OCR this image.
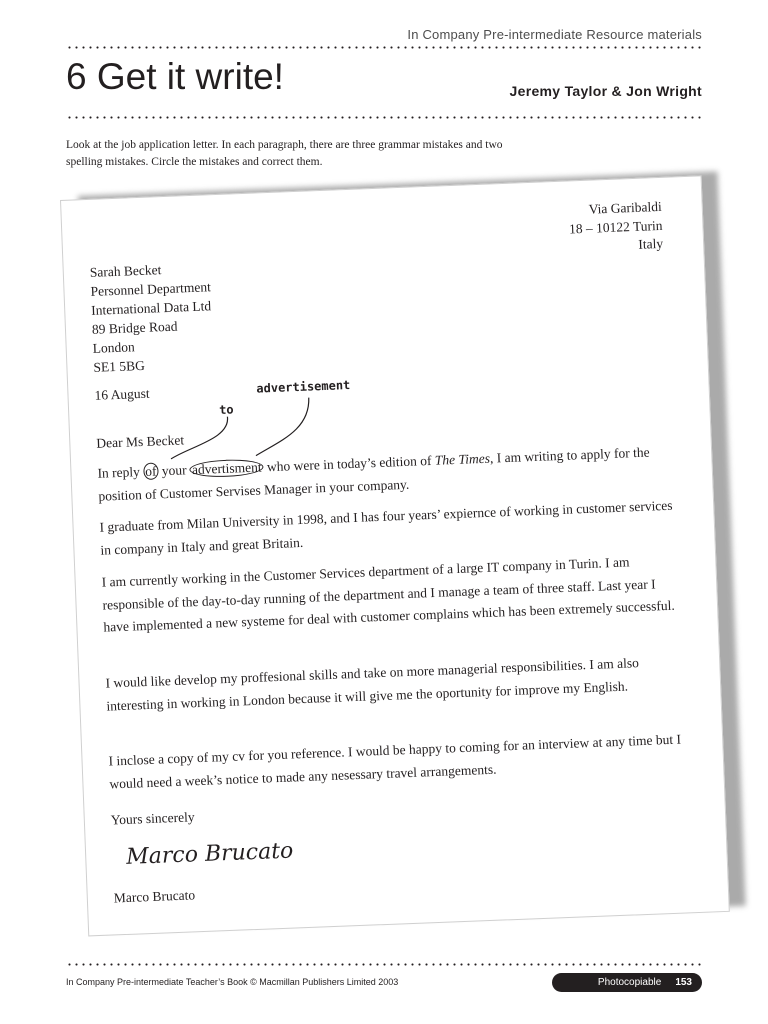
In Company Pre-intermediate Resource materials
6 Get it write!	Jeremy Taylor & Jon Wright
Look at the job application letter. In each paragraph, there are three grammar mistakes and two spelling mistakes. Circle the mistakes and correct them.
Via Garibaldi
18 – 10122 Turin
Italy
Sarah Becket
Personnel Department
International Data Ltd
89 Bridge Road
London
SE1 5BG
16 August
to
advertisement
Dear Ms Becket
In reply of your advertisment who were in today’s edition of The Times, I am writing to apply for the position of Customer Servises Manager in your company.
I graduate from Milan University in 1998, and I has four years’ expiernce of working in customer services in company in Italy and great Britain.
I am currently working in the Customer Services department of a large IT company in Turin. I am responsible of the day-to-day running of the department and I manage a team of three staff. Last year I have implemented a new systeme for deal with customer complains which has been extremely successful.
I would like develop my proffesional skills and take on more managerial responsibilities. I am also interesting in working in London because it will give me the oportunity for improve my English.
I inclose a copy of my cv for you reference. I would be happy to coming for an interview at any time but I would need a week’s notice to made any nesessary travel arrangements.
Yours sincerely
Marco Brucato
Marco Brucato
In Company Pre-intermediate Teacher’s Book © Macmillan Publishers Limited 2003	Photocopiable 153
